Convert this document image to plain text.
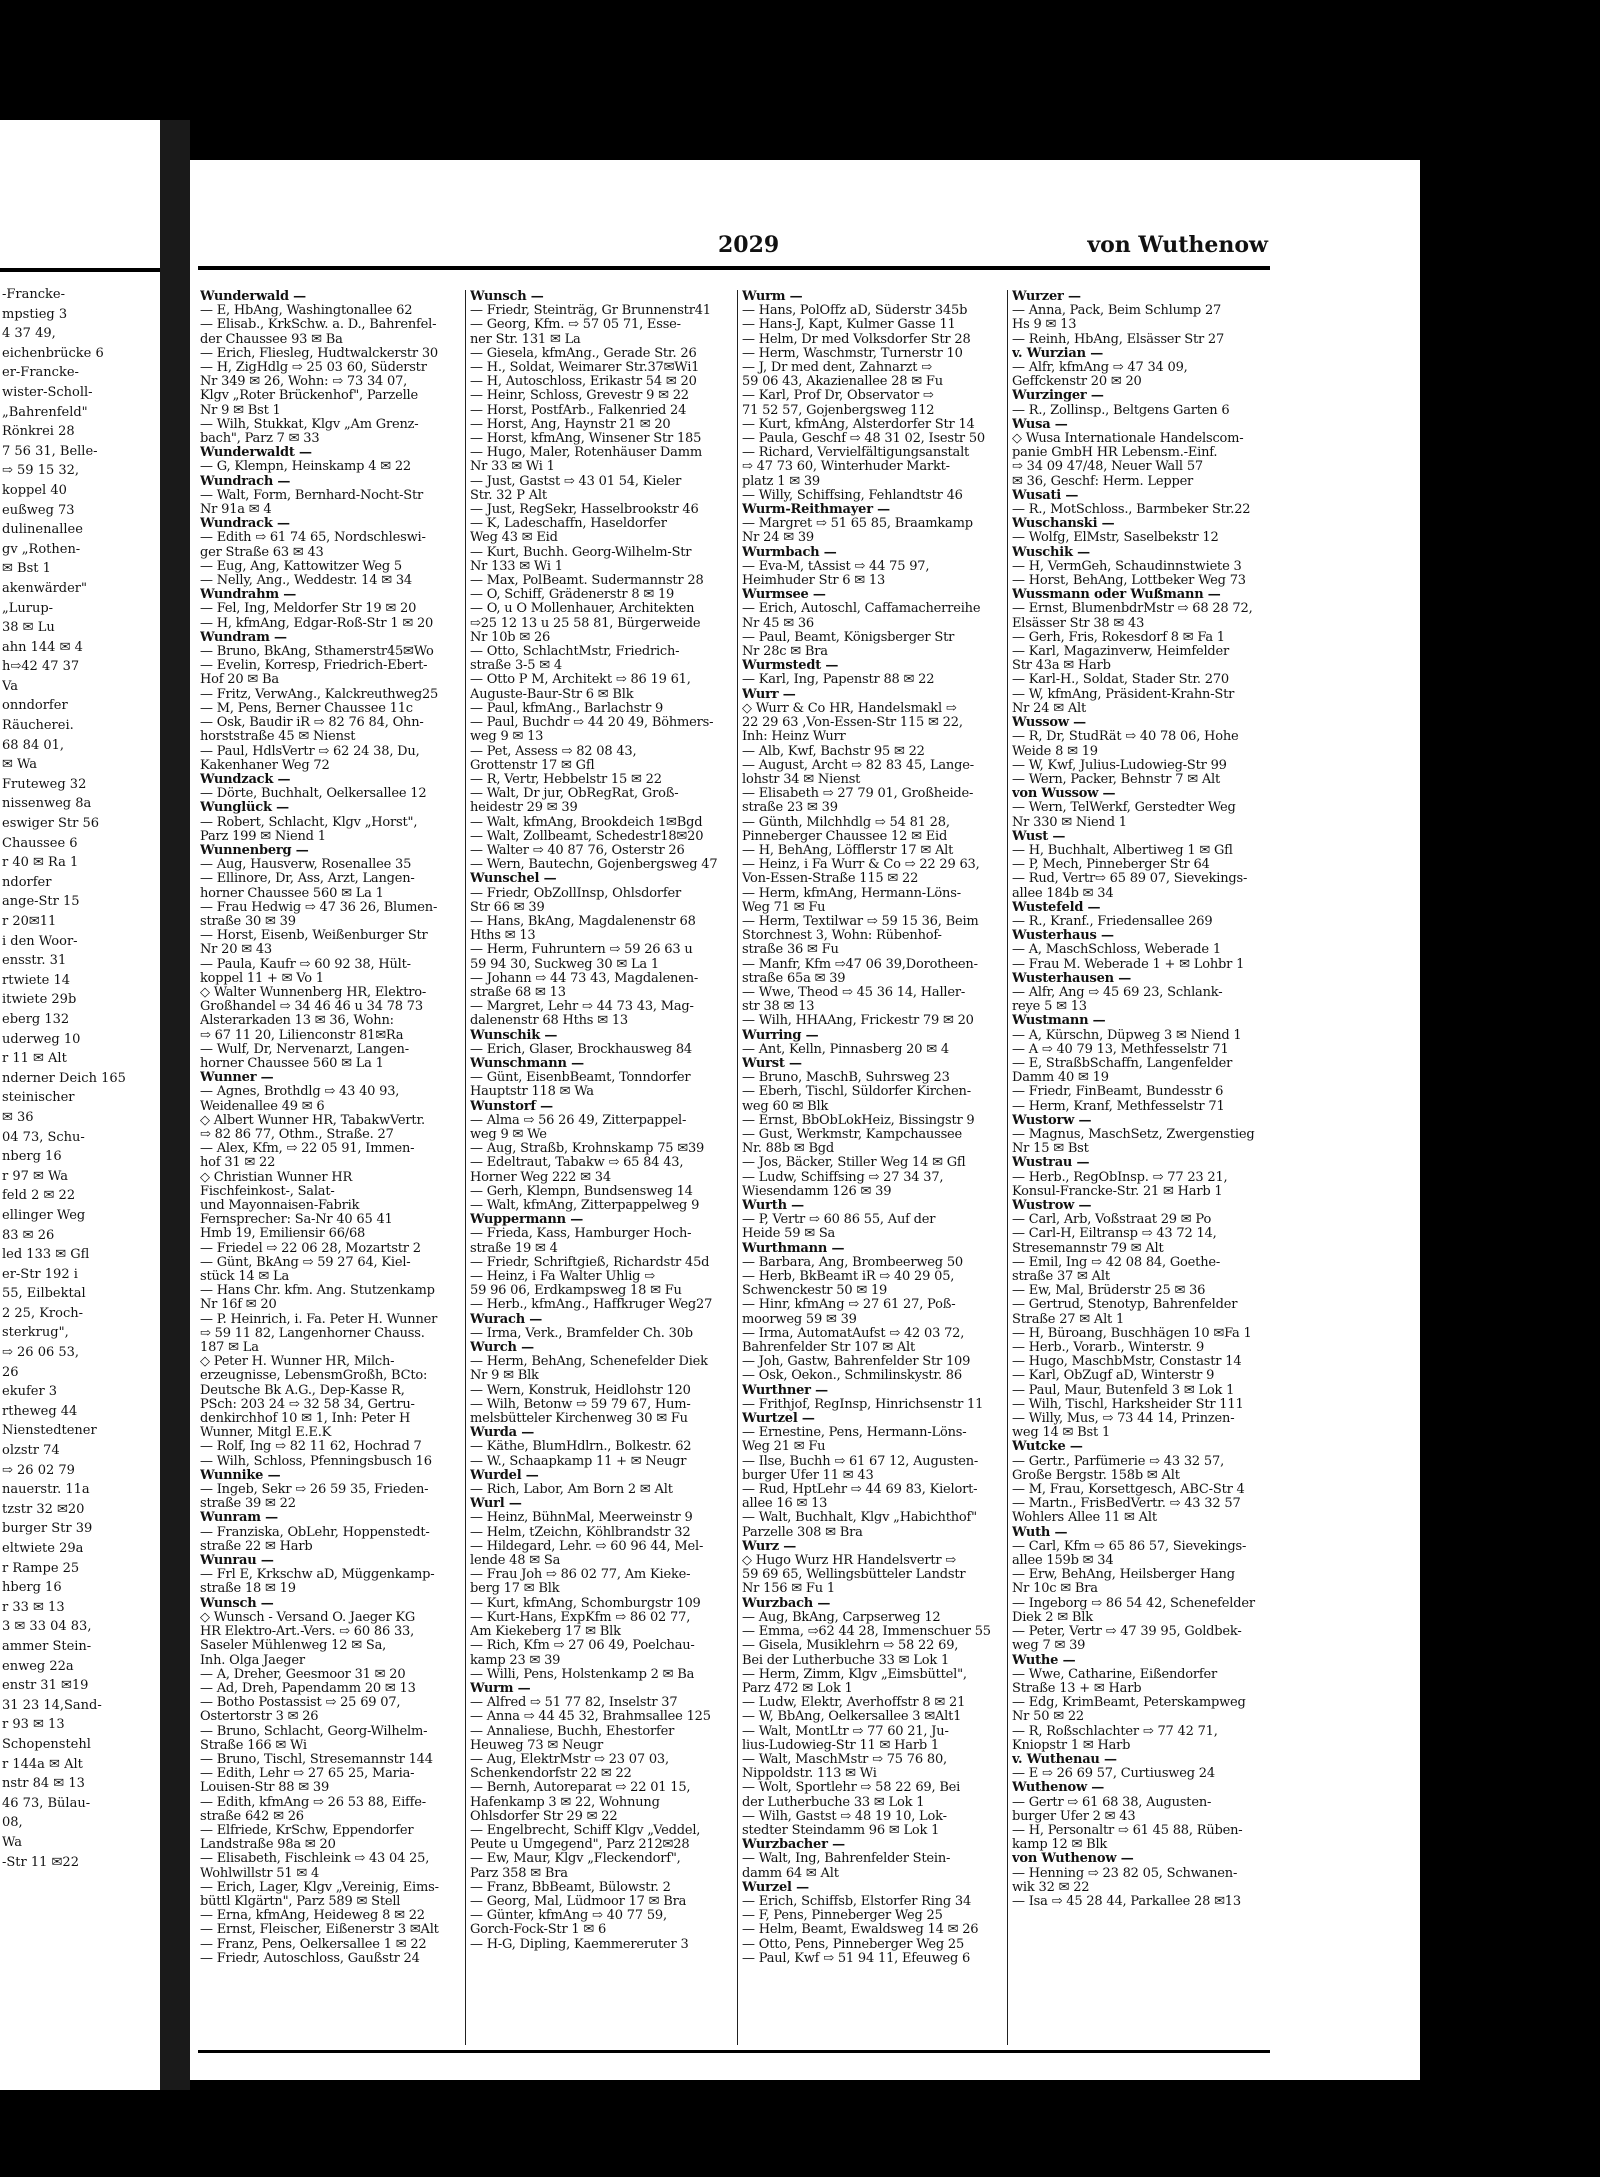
-Francke-
mpstieg 3
4 37 49,
eichenbrücke 6
er-Francke-
wister-Scholl-
„Bahrenfeld"
Rönkrei 28
7 56 31, Belle-
⇨ 59 15 32,
koppel 40
eußweg 73
dulinenallee
gv „Rothen-
✉ Bst 1
akenwärder"
„Lurup-
38 ✉ Lu
ahn 144 ✉ 4
h⇨42 47 37
Va
onndorfer
Räucherei.
68 84 01,
✉ Wa
Fruteweg 32
nissenweg 8a
eswiger Str 56
Chaussee 6
r 40 ✉ Ra 1
ndorfer
ange-Str 15
r 20✉11
i den Woor-
ensstr. 31
rtwiete 14
itwiete 29b
eberg 132
uderweg 10
r 11 ✉ Alt
nderner Deich 165
steinischer
✉ 36
04 73, Schu-
nberg 16
r 97 ✉ Wa
feld 2 ✉ 22
ellinger Weg
83 ✉ 26
led 133 ✉ Gfl
er-Str 192 i
55, Eilbektal
2 25, Kroch-
sterkrug",
⇨ 26 06 53,
26
ekufer 3
rtheweg 44
Nienstedtener
olzstr 74
⇨ 26 02 79
nauerstr. 11a
tzstr 32 ✉20
burger Str 39
eltwiete 29a
r Rampe 25
hberg 16
r 33 ✉ 13
3 ✉ 33 04 83,
ammer Stein-
enweg 22a
enstr 31 ✉19
31 23 14,Sand-
r 93 ✉ 13
Schopenstehl
r 144a ✉ Alt
nstr 84 ✉ 13
46 73, Bülau-
08,
Wa
-Str 11 ✉22
2029	von Wuthenow
Wunderwald —
— E, HbAng, Washingtonallee 62
— Elisab., KrkSchw. a. D., Bahrenfel-
der Chaussee 93 ✉ Ba
— Erich, Fliesleg, Hudtwalckerstr 30
— H, ZigHdlg ⇨ 25 03 60, Süderstr
Nr 349 ✉ 26, Wohn: ⇨ 73 34 07,
Klgv „Roter Brückenhof", Parzelle
Nr 9 ✉ Bst 1
— Wilh, Stukkat, Klgv „Am Grenz-
bach", Parz 7 ✉ 33
Wunderwaldt —
— G, Klempn, Heinskamp 4 ✉ 22
Wundrach —
— Walt, Form, Bernhard-Nocht-Str
Nr 91a ✉ 4
Wundrack —
— Edith ⇨ 61 74 65, Nordschleswi-
ger Straße 63 ✉ 43
— Eug, Ang, Kattowitzer Weg 5
— Nelly, Ang., Weddestr. 14 ✉ 34
Wundrahm —
— Fel, Ing, Meldorfer Str 19 ✉ 20
— H, kfmAng, Edgar-Roß-Str 1 ✉ 20
Wundram —
— Bruno, BkAng, Sthamerstr45✉Wo
— Evelin, Korresp, Friedrich-Ebert-
Hof 20 ✉ Ba
— Fritz, VerwAng., Kalckreuthweg25
— M, Pens, Berner Chaussee 11c
— Osk, Baudir iR ⇨ 82 76 84, Ohn-
horststraße 45 ✉ Nienst
— Paul, HdlsVertr ⇨ 62 24 38, Du,
Kakenhaner Weg 72
Wundzack —
— Dörte, Buchhalt, Oelkersallee 12
Wunglück —
— Robert, Schlacht, Klgv „Horst",
Parz 199 ✉ Niend 1
Wunnenberg —
— Aug, Hausverw, Rosenallee 35
— Ellinore, Dr, Ass, Arzt, Langen-
horner Chaussee 560 ✉ La 1
— Frau Hedwig ⇨ 47 36 26, Blumen-
straße 30 ✉ 39
— Horst, Eisenb, Weißenburger Str
Nr 20 ✉ 43
— Paula, Kaufr ⇨ 60 92 38, Hült-
koppel 11 + ✉ Vo 1
◇ Walter Wunnenberg HR, Elektro-
Großhandel ⇨ 34 46 46 u 34 78 73
Alsterarkaden 13 ✉ 36, Wohn:
⇨ 67 11 20, Lilienconstr 81✉Ra
— Wulf, Dr, Nervenarzt, Langen-
horner Chaussee 560 ✉ La 1
Wunner —
— Agnes, Brothdlg ⇨ 43 40 93,
Weidenallee 49 ✉ 6
◇ Albert Wunner HR, TabakwVertr.
⇨ 82 86 77, Othm., Straße. 27
— Alex, Kfm, ⇨ 22 05 91, Immen-
hof 31 ✉ 22
◇ Christian Wunner HR
Fischfeinkost-, Salat-
und Mayonnaisen-Fabrik
Fernsprecher: Sa-Nr 40 65 41
Hmb 19, Emiliensir 66/68
— Friedel ⇨ 22 06 28, Mozartstr 2
— Günt, BkAng ⇨ 59 27 64, Kiel-
stück 14 ✉ La
— Hans Chr. kfm. Ang. Stutzenkamp
Nr 16f ✉ 20
— P. Heinrich, i. Fa. Peter H. Wunner
⇨ 59 11 82, Langenhorner Chauss.
187 ✉ La
◇ Peter H. Wunner HR, Milch-
erzeugnisse, LebensmGroßh, BCto:
Deutsche Bk A.G., Dep-Kasse R,
PSch: 203 24 ⇨ 32 58 34, Gertru-
denkirchhof 10 ✉ 1, Inh: Peter H
Wunner, Mitgl E.E.K
— Rolf, Ing ⇨ 82 11 62, Hochrad 7
— Wilh, Schloss, Pfenningsbusch 16
Wunnike —
— Ingeb, Sekr ⇨ 26 59 35, Frieden-
straße 39 ✉ 22
Wunram —
— Franziska, ObLehr, Hoppenstedt-
straße 22 ✉ Harb
Wunrau —
— Frl E, Krkschw aD, Müggenkamp-
straße 18 ✉ 19
Wunsch —
◇ Wunsch - Versand O. Jaeger KG
HR Elektro-Art.-Vers. ⇨ 60 86 33,
Saseler Mühlenweg 12 ✉ Sa,
Inh. Olga Jaeger
— A, Dreher, Geesmoor 31 ✉ 20
— Ad, Dreh, Papendamm 20 ✉ 13
— Botho Postassist ⇨ 25 69 07,
Ostertorstr 3 ✉ 26
— Bruno, Schlacht, Georg-Wilhelm-
Straße 166 ✉ Wi
— Bruno, Tischl, Stresemannstr 144
— Edith, Lehr ⇨ 27 65 25, Maria-
Louisen-Str 88 ✉ 39
— Edith, kfmAng ⇨ 26 53 88, Eiffe-
straße 642 ✉ 26
— Elfriede, KrSchw, Eppendorfer
Landstraße 98a ✉ 20
— Elisabeth, Fischleink ⇨ 43 04 25,
Wohlwillstr 51 ✉ 4
— Erich, Lager, Klgv „Vereinig, Eims-
büttl Klgärtn", Parz 589 ✉ Stell
— Erna, kfmAng, Heideweg 8 ✉ 22
— Ernst, Fleischer, Eißenerstr 3 ✉Alt
— Franz, Pens, Oelkersallee 1 ✉ 22
— Friedr, Autoschloss, Gaußstr 24
Wunsch —
— Friedr, Steinträg, Gr Brunnenstr41
— Georg, Kfm. ⇨ 57 05 71, Esse-
ner Str. 131 ✉ La
— Giesela, kfmAng., Gerade Str. 26
— H., Soldat, Weimarer Str.37✉Wi1
— H, Autoschloss, Erikastr 54 ✉ 20
— Heinr, Schloss, Grevestr 9 ✉ 22
— Horst, PostfArb., Falkenried 24
— Horst, Ang, Haynstr 21 ✉ 20
— Horst, kfmAng, Winsener Str 185
— Hugo, Maler, Rotenhäuser Damm
Nr 33 ✉ Wi 1
— Just, Gastst ⇨ 43 01 54, Kieler
Str. 32 P Alt
— Just, RegSekr, Hasselbrookstr 46
— K, Ladeschaffn, Haseldorfer
Weg 43 ✉ Eid
— Kurt, Buchh. Georg-Wilhelm-Str
Nr 133 ✉ Wi 1
— Max, PolBeamt. Sudermannstr 28
— O, Schiff, Grädenerstr 8 ✉ 19
— O, u O Mollenhauer, Architekten
⇨25 12 13 u 25 58 81, Bürgerweide
Nr 10b ✉ 26
— Otto, SchlachtMstr, Friedrich-
straße 3-5 ✉ 4
— Otto P M, Architekt ⇨ 86 19 61,
Auguste-Baur-Str 6 ✉ Blk
— Paul, kfmAng., Barlachstr 9
— Paul, Buchdr ⇨ 44 20 49, Böhmers-
weg 9 ✉ 13
— Pet, Assess ⇨ 82 08 43,
Grottenstr 17 ✉ Gfl
— R, Vertr, Hebbelstr 15 ✉ 22
— Walt, Dr jur, ObRegRat, Groß-
heidestr 29 ✉ 39
— Walt, kfmAng, Brookdeich 1✉Bgd
— Walt, Zollbeamt, Schedestr18✉20
— Walter ⇨ 40 87 76, Osterstr 26
— Wern, Bautechn, Gojenbergsweg 47
Wunschel —
— Friedr, ObZollInsp, Ohlsdorfer
Str 66 ✉ 39
— Hans, BkAng, Magdalenenstr 68
Hths ✉ 13
— Herm, Fuhruntern ⇨ 59 26 63 u
59 94 30, Suckweg 30 ✉ La 1
— Johann ⇨ 44 73 43, Magdalenen-
straße 68 ✉ 13
— Margret, Lehr ⇨ 44 73 43, Mag-
dalenenstr 68 Hths ✉ 13
Wunschik —
— Erich, Glaser, Brockhausweg 84
Wunschmann —
— Günt, EisenbBeamt, Tonndorfer
Hauptstr 118 ✉ Wa
Wunstorf —
— Alma ⇨ 56 26 49, Zitterpappel-
weg 9 ✉ We
— Aug, Straßb, Krohnskamp 75 ✉39
— Edeltraut, Tabakw ⇨ 65 84 43,
Horner Weg 222 ✉ 34
— Gerh, Klempn, Bundsensweg 14
— Walt, kfmAng, Zitterpappelweg 9
Wuppermann —
— Frieda, Kass, Hamburger Hoch-
straße 19 ✉ 4
— Friedr, Schriftgieß, Richardstr 45d
— Heinz, i Fa Walter Uhlig ⇨
59 96 06, Erdkampsweg 18 ✉ Fu
— Herb., kfmAng., Haffkruger Weg27
Wurach —
— Irma, Verk., Bramfelder Ch. 30b
Wurch —
— Herm, BehAng, Schenefelder Diek
Nr 9 ✉ Blk
— Wern, Konstruk, Heidlohstr 120
— Wilh, Betonw ⇨ 59 79 67, Hum-
melsbütteler Kirchenweg 30 ✉ Fu
Wurda —
— Käthe, BlumHdlrn., Bolkestr. 62
— W., Schaapkamp 11 + ✉ Neugr
Wurdel —
— Rich, Labor, Am Born 2 ✉ Alt
Wurl —
— Heinz, BühnMal, Meerweinstr 9
— Helm, tZeichn, Köhlbrandstr 32
— Hildegard, Lehr. ⇨ 60 96 44, Mel-
lende 48 ✉ Sa
— Frau Joh ⇨ 86 02 77, Am Kieke-
berg 17 ✉ Blk
— Kurt, kfmAng, Schomburgstr 109
— Kurt-Hans, ExpKfm ⇨ 86 02 77,
Am Kiekeberg 17 ✉ Blk
— Rich, Kfm ⇨ 27 06 49, Poelchau-
kamp 23 ✉ 39
— Willi, Pens, Holstenkamp 2 ✉ Ba
Wurm —
— Alfred ⇨ 51 77 82, Inselstr 37
— Anna ⇨ 44 45 32, Brahmsallee 125
— Annaliese, Buchh, Ehestorfer
Heuweg 73 ✉ Neugr
— Aug, ElektrMstr ⇨ 23 07 03,
Schenkendorfstr 22 ✉ 22
— Bernh, Autoreparat ⇨ 22 01 15,
Hafenkamp 3 ✉ 22, Wohnung
Ohlsdorfer Str 29 ✉ 22
— Engelbrecht, Schiff Klgv „Veddel,
Peute u Umgegend", Parz 212✉28
— Ew, Maur, Klgv „Fleckendorf",
Parz 358 ✉ Bra
— Franz, BbBeamt, Bülowstr. 2
— Georg, Mal, Lüdmoor 17 ✉ Bra
— Günter, kfmAng ⇨ 40 77 59,
Gorch-Fock-Str 1 ✉ 6
— H-G, Dipling, Kaemmereruter 3
Wurm —
— Hans, PolOffz aD, Süderstr 345b
— Hans-J, Kapt, Kulmer Gasse 11
— Helm, Dr med Volksdorfer Str 28
— Herm, Waschmstr, Turnerstr 10
— J, Dr med dent, Zahnarzt ⇨
59 06 43, Akazienallee 28 ✉ Fu
— Karl, Prof Dr, Observator ⇨
71 52 57, Gojenbergsweg 112
— Kurt, kfmAng, Alsterdorfer Str 14
— Paula, Geschf ⇨ 48 31 02, Isestr 50
— Richard, Vervielfältigungsanstalt
⇨ 47 73 60, Winterhuder Markt-
platz 1 ✉ 39
— Willy, Schiffsing, Fehlandtstr 46
Wurm-Reithmayer —
— Margret ⇨ 51 65 85, Braamkamp
Nr 24 ✉ 39
Wurmbach —
— Eva-M, tAssist ⇨ 44 75 97,
Heimhuder Str 6 ✉ 13
Wurmsee —
— Erich, Autoschl, Caffamacherreihe
Nr 45 ✉ 36
— Paul, Beamt, Königsberger Str
Nr 28c ✉ Bra
Wurmstedt —
— Karl, Ing, Papenstr 88 ✉ 22
Wurr —
◇ Wurr & Co HR, Handelsmakl ⇨
22 29 63 ,Von-Essen-Str 115 ✉ 22,
Inh: Heinz Wurr
— Alb, Kwf, Bachstr 95 ✉ 22
— August, Archt ⇨ 82 83 45, Lange-
lohstr 34 ✉ Nienst
— Elisabeth ⇨ 27 79 01, Großheide-
straße 23 ✉ 39
— Günth, Milchhdlg ⇨ 54 81 28,
Pinneberger Chaussee 12 ✉ Eid
— H, BehAng, Löfflerstr 17 ✉ Alt
— Heinz, i Fa Wurr & Co ⇨ 22 29 63,
Von-Essen-Straße 115 ✉ 22
— Herm, kfmAng, Hermann-Löns-
Weg 71 ✉ Fu
— Herm, Textilwar ⇨ 59 15 36, Beim
Storchnest 3, Wohn: Rübenhof-
straße 36 ✉ Fu
— Manfr, Kfm ⇨47 06 39,Dorotheen-
straße 65a ✉ 39
— Wwe, Theod ⇨ 45 36 14, Haller-
str 38 ✉ 13
— Wilh, HHAAng, Frickestr 79 ✉ 20
Wurring —
— Ant, Kelln, Pinnasberg 20 ✉ 4
Wurst —
— Bruno, MaschB, Suhrsweg 23
— Eberh, Tischl, Süldorfer Kirchen-
weg 60 ✉ Blk
— Ernst, BbObLokHeiz, Bissingstr 9
— Gust, Werkmstr, Kampchaussee
Nr. 88b ✉ Bgd
— Jos, Bäcker, Stiller Weg 14 ✉ Gfl
— Ludw, Schiffsing ⇨ 27 34 37,
Wiesendamm 126 ✉ 39
Wurth —
— P, Vertr ⇨ 60 86 55, Auf der
Heide 59 ✉ Sa
Wurthmann —
— Barbara, Ang, Brombeerweg 50
— Herb, BkBeamt iR ⇨ 40 29 05,
Schwenckestr 50 ✉ 19
— Hinr, kfmAng ⇨ 27 61 27, Poß-
moorweg 59 ✉ 39
— Irma, AutomatAufst ⇨ 42 03 72,
Bahrenfelder Str 107 ✉ Alt
— Joh, Gastw, Bahrenfelder Str 109
— Osk, Oekon., Schmilinskystr. 86
Wurthner —
— Frithjof, RegInsp, Hinrichsenstr 11
Wurtzel —
— Ernestine, Pens, Hermann-Löns-
Weg 21 ✉ Fu
— Ilse, Buchh ⇨ 61 67 12, Augusten-
burger Ufer 11 ✉ 43
— Rud, HptLehr ⇨ 44 69 83, Kielort-
allee 16 ✉ 13
— Walt, Buchhalt, Klgv „Habichthof"
Parzelle 308 ✉ Bra
Wurz —
◇ Hugo Wurz HR Handelsvertr ⇨
59 69 65, Wellingsbütteler Landstr
Nr 156 ✉ Fu 1
Wurzbach —
— Aug, BkAng, Carpserweg 12
— Emma, ⇨62 44 28, Immenschuer 55
— Gisela, Musiklehrn ⇨ 58 22 69,
Bei der Lutherbuche 33 ✉ Lok 1
— Herm, Zimm, Klgv „Eimsbüttel",
Parz 472 ✉ Lok 1
— Ludw, Elektr, Averhoffstr 8 ✉ 21
— W, BbAng, Oelkersallee 3 ✉Alt1
— Walt, MontLtr ⇨ 77 60 21, Ju-
lius-Ludowieg-Str 11 ✉ Harb 1
— Walt, MaschMstr ⇨ 75 76 80,
Nippoldstr. 113 ✉ Wi
— Wolt, Sportlehr ⇨ 58 22 69, Bei
der Lutherbuche 33 ✉ Lok 1
— Wilh, Gastst ⇨ 48 19 10, Lok-
stedter Steindamm 96 ✉ Lok 1
Wurzbacher —
— Walt, Ing, Bahrenfelder Stein-
damm 64 ✉ Alt
Wurzel —
— Erich, Schiffsb, Elstorfer Ring 34
— F, Pens, Pinneberger Weg 25
— Helm, Beamt, Ewaldsweg 14 ✉ 26
— Otto, Pens, Pinneberger Weg 25
— Paul, Kwf ⇨ 51 94 11, Efeuweg 6
Wurzer —
— Anna, Pack, Beim Schlump 27
Hs 9 ✉ 13
— Reinh, HbAng, Elsässer Str 27
v. Wurzian —
— Alfr, kfmAng ⇨ 47 34 09,
Geffckenstr 20 ✉ 20
Wurzinger —
— R., Zollinsp., Beltgens Garten 6
Wusa —
◇ Wusa Internationale Handelscom-
panie GmbH HR Lebensm.-Einf.
⇨ 34 09 47/48, Neuer Wall 57
✉ 36, Geschf: Herm. Lepper
Wusati —
— R., MotSchloss., Barmbeker Str.22
Wuschanski —
— Wolfg, ElMstr, Saselbekstr 12
Wuschik —
— H, VermGeh, Schaudinnstwiete 3
— Horst, BehAng, Lottbeker Weg 73
Wussmann oder Wußmann —
— Ernst, BlumenbdrMstr ⇨ 68 28 72,
Elsässer Str 38 ✉ 43
— Gerh, Fris, Rokesdorf 8 ✉ Fa 1
— Karl, Magazinverw, Heimfelder
Str 43a ✉ Harb
— Karl-H., Soldat, Stader Str. 270
— W, kfmAng, Präsident-Krahn-Str
Nr 24 ✉ Alt
Wussow —
— R, Dr, StudRät ⇨ 40 78 06, Hohe
Weide 8 ✉ 19
— W, Kwf, Julius-Ludowieg-Str 99
— Wern, Packer, Behnstr 7 ✉ Alt
von Wussow —
— Wern, TelWerkf, Gerstedter Weg
Nr 330 ✉ Niend 1
Wust —
— H, Buchhalt, Albertiweg 1 ✉ Gfl
— P, Mech, Pinneberger Str 64
— Rud, Vertr⇨ 65 89 07, Sievekings-
allee 184b ✉ 34
Wustefeld —
— R., Kranf., Friedensallee 269
Wusterhaus —
— A, MaschSchloss, Weberade 1
— Frau M. Weberade 1 + ✉ Lohbr 1
Wusterhausen —
— Alfr, Ang ⇨ 45 69 23, Schlank-
reye 5 ✉ 13
Wustmann —
— A, Kürschn, Düpweg 3 ✉ Niend 1
— A ⇨ 40 79 13, Methfesselstr 71
— E, StraßbSchaffn, Langenfelder
Damm 40 ✉ 19
— Friedr, FinBeamt, Bundesstr 6
— Herm, Kranf, Methfesselstr 71
Wustorw —
— Magnus, MaschSetz, Zwergenstieg
Nr 15 ✉ Bst
Wustrau —
— Herb., RegObInsp. ⇨ 77 23 21,
Konsul-Francke-Str. 21 ✉ Harb 1
Wustrow —
— Carl, Arb, Voßstraat 29 ✉ Po
— Carl-H, Eiltransp ⇨ 43 72 14,
Stresemannstr 79 ✉ Alt
— Emil, Ing ⇨ 42 08 84, Goethe-
straße 37 ✉ Alt
— Ew, Mal, Brüderstr 25 ✉ 36
— Gertrud, Stenotyp, Bahrenfelder
Straße 27 ✉ Alt 1
— H, Büroang, Buschhägen 10 ✉Fa 1
— Herb., Vorarb., Winterstr. 9
— Hugo, MaschbMstr, Constastr 14
— Karl, ObZugf aD, Winterstr 9
— Paul, Maur, Butenfeld 3 ✉ Lok 1
— Wilh, Tischl, Harksheider Str 111
— Willy, Mus, ⇨ 73 44 14, Prinzen-
weg 14 ✉ Bst 1
Wutcke —
— Gertr., Parfümerie ⇨ 43 32 57,
Große Bergstr. 158b ✉ Alt
— M, Frau, Korsettgesch, ABC-Str 4
— Martn., FrisBedVertr. ⇨ 43 32 57
Wohlers Allee 11 ✉ Alt
Wuth —
— Carl, Kfm ⇨ 65 86 57, Sievekings-
allee 159b ✉ 34
— Erw, BehAng, Heilsberger Hang
Nr 10c ✉ Bra
— Ingeborg ⇨ 86 54 42, Schenefelder
Diek 2 ✉ Blk
— Peter, Vertr ⇨ 47 39 95, Goldbek-
weg 7 ✉ 39
Wuthe —
— Wwe, Catharine, Eißendorfer
Straße 13 + ✉ Harb
— Edg, KrimBeamt, Peterskampweg
Nr 50 ✉ 22
— R, Roßschlachter ⇨ 77 42 71,
Kniopstr 1 ✉ Harb
v. Wuthenau —
— E ⇨ 26 69 57, Curtiusweg 24
Wuthenow —
— Gertr ⇨ 61 68 38, Augusten-
burger Ufer 2 ✉ 43
— H, Personaltr ⇨ 61 45 88, Rüben-
kamp 12 ✉ Blk
von Wuthenow —
— Henning ⇨ 23 82 05, Schwanen-
wik 32 ✉ 22
— Isa ⇨ 45 28 44, Parkallee 28 ✉13
